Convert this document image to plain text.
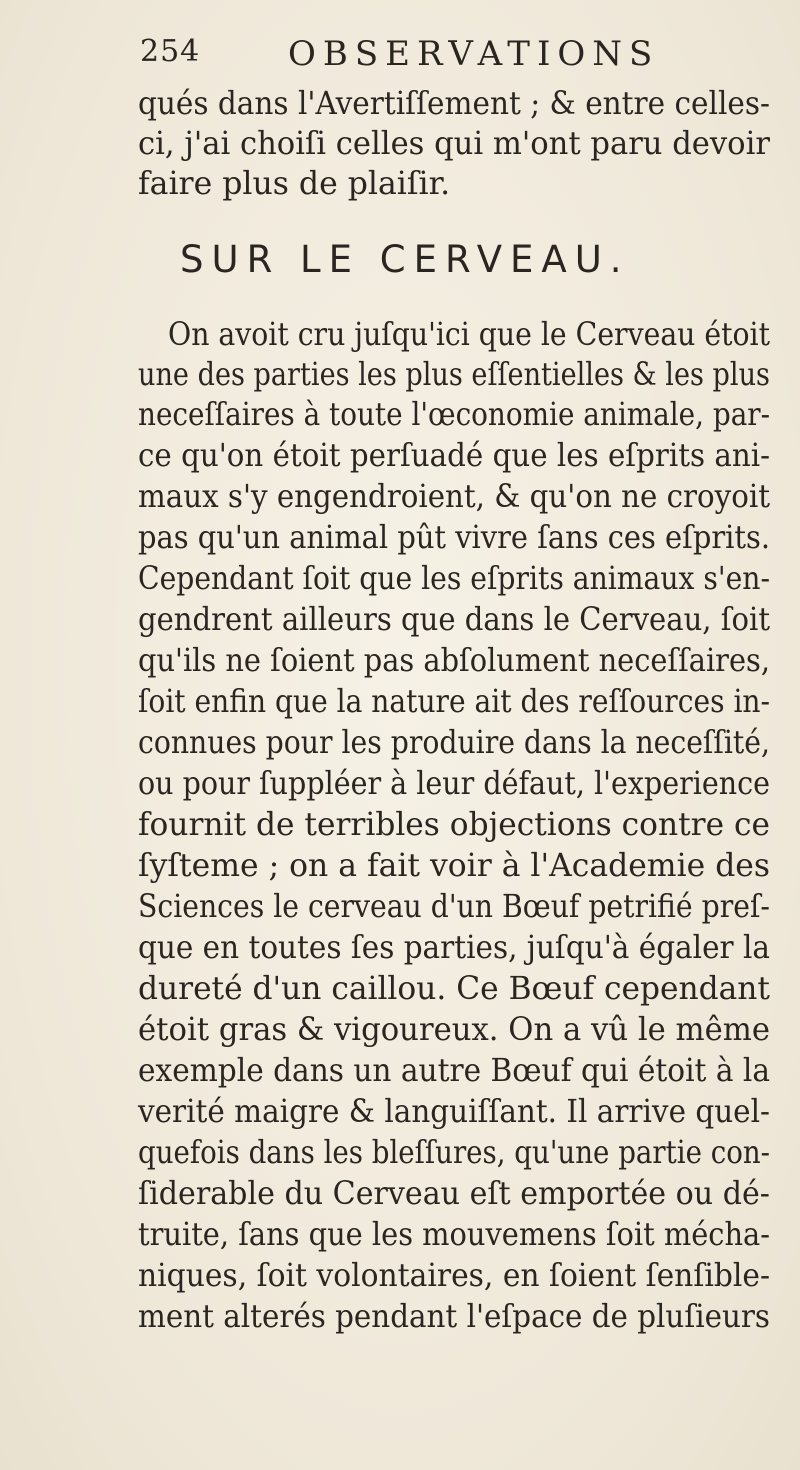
254	OBSERVATIONS
qués dans l'Avertiſſement ; & entre celles-
ci, j'ai choiſi celles qui m'ont paru devoir
faire plus de plaiſir.
SUR LE CERVEAU.
On avoit cru juſqu'ici que le Cerveau étoit
une des parties les plus eſſentielles & les plus
neceſſaires à toute l'œconomie animale, par-
ce qu'on étoit perſuadé que les eſprits ani-
maux s'y engendroient, & qu'on ne croyoit
pas qu'un animal pût vivre ſans ces eſprits.
Cependant ſoit que les eſprits animaux s'en-
gendrent ailleurs que dans le Cerveau, ſoit
qu'ils ne ſoient pas abſolument neceſſaires,
ſoit enfin que la nature ait des reſſources in-
connues pour les produire dans la neceſſité,
ou pour ſuppléer à leur défaut, l'experience
fournit de terribles objections contre ce
ſyſteme ; on a fait voir à l'Academie des
Sciences le cerveau d'un Bœuf petrifié preſ-
que en toutes ſes parties, juſqu'à égaler la
dureté d'un caillou. Ce Bœuf cependant
étoit gras & vigoureux. On a vû le même
exemple dans un autre Bœuf qui étoit à la
verité maigre & languiſſant. Il arrive quel-
quefois dans les bleſſures, qu'une partie con-
ſiderable du Cerveau eſt emportée ou dé-
truite, ſans que les mouvemens ſoit mécha-
niques, ſoit volontaires, en ſoient ſenſible-
ment alterés pendant l'eſpace de pluſieurs
